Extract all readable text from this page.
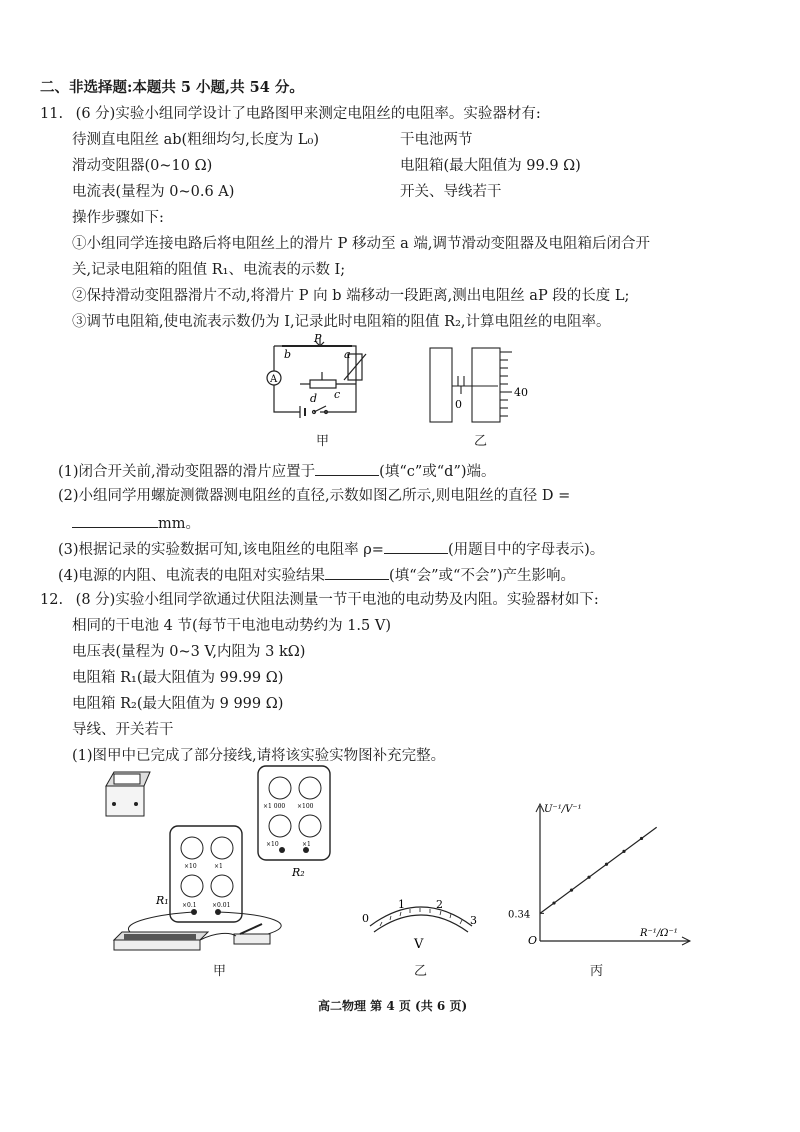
二、非选择题:本题共 5 小题,共 54 分。
11. (6 分)实验小组同学设计了电路图甲来测定电阻丝的电阻率。实验器材有:
待测直电阻丝 ab(粗细均匀,长度为 L₀)	干电池两节
滑动变阻器(0~10 Ω)	电阻箱(最大阻值为 99.9 Ω)
电流表(量程为 0~0.6 A)	开关、导线若干
操作步骤如下:
①小组同学连接电路后将电阻丝上的滑片 P 移动至 a 端,调节滑动变阻器及电阻箱后闭合开
关,记录电阻箱的阻值 R₁、电流表的示数 I;
②保持滑动变阻器滑片不动,将滑片 P 向 b 端移动一段距离,测出电阻丝 aP 段的长度 L;
③调节电阻箱,使电流表示数仍为 I,记录此时电阻箱的阻值 R₂,计算电阻丝的电阻率。
A
b
P
a
d c
甲
0
40
乙
(1)闭合开关前,滑动变阻器的滑片应置于	(填“c”或“d”)端。
(2)小组同学用螺旋测微器测电阻丝的直径,示数如图乙所示,则电阻丝的直径 D =
mm。
(3)根据记录的实验数据可知,该电阻丝的电阻率 ρ=	(用题目中的字母表示)。
(4)电源的内阻、电流表的电阻对实验结果	(填“会”或“不会”)产生影响。
12. (8 分)实验小组同学欲通过伏阻法测量一节干电池的电动势及内阻。实验器材如下:
相同的干电池 4 节(每节干电池电动势约为 1.5 V)
电压表(量程为 0~3 V,内阻为 3 kΩ)
电阻箱 R₁(最大阻值为 99.99 Ω)
电阻箱 R₂(最大阻值为 9 999 Ω)
导线、开关若干
(1)图甲中已完成了部分接线,请将该实验实物图补充完整。
×1 000 ×100
×10	×1
R₂
×10	×1
×0.1	×0.01
R₁
甲
0
1	2
3
V
乙
U⁻¹/V⁻¹
R⁻¹/Ω⁻¹
O
0.34
丙
高二物理 第 4 页 (共 6 页)
